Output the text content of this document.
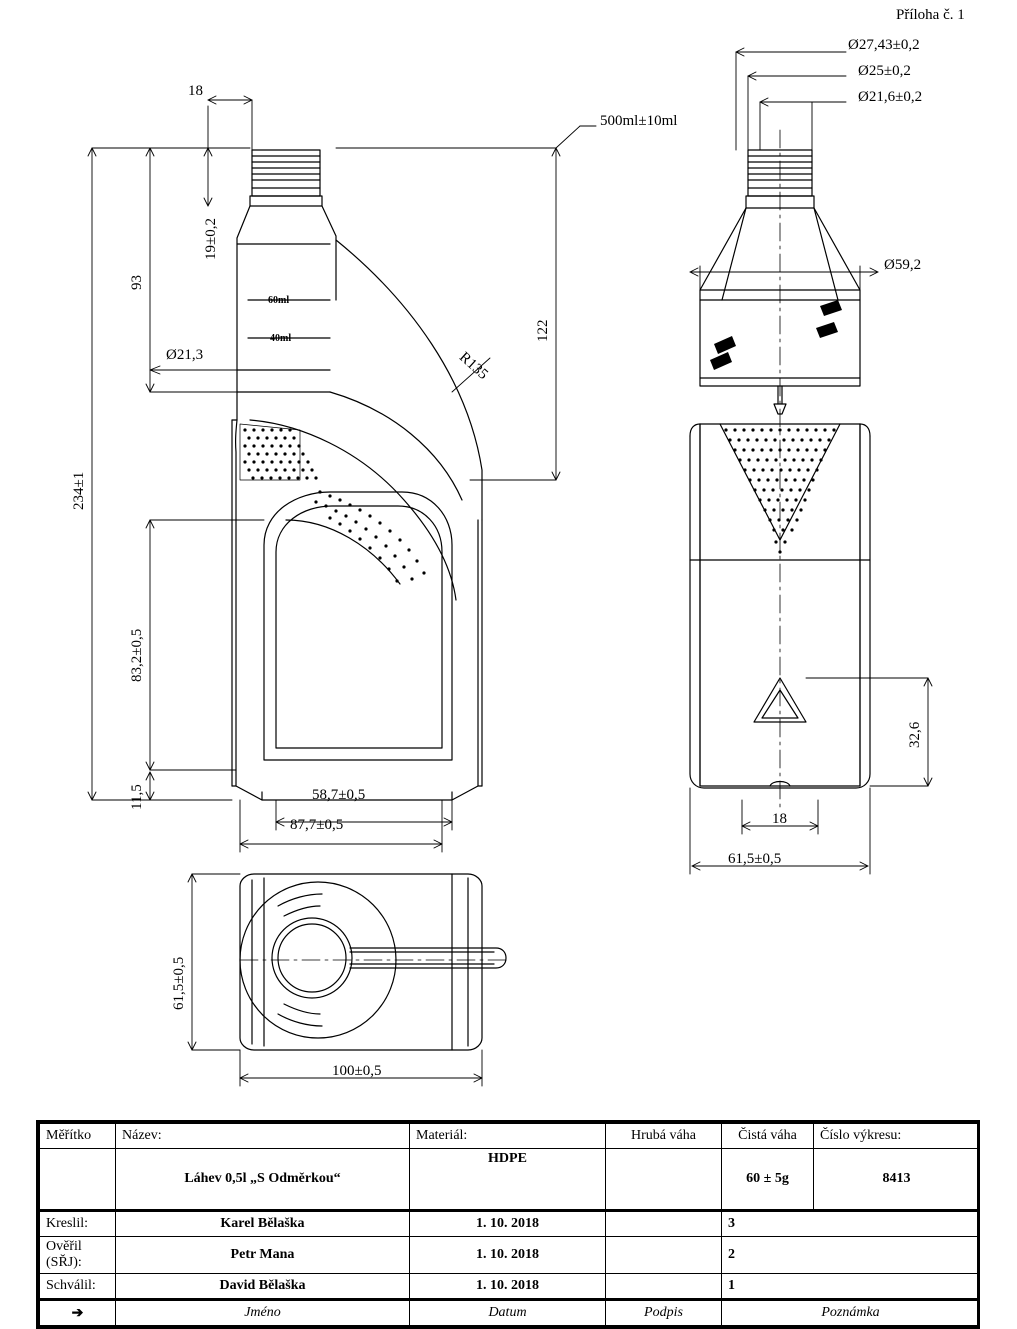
Příloha č. 1
18
93
19±0,2
234±1
Ø21,3
122
R135
83,2±0,5
11,5	58,7±0,5
87,7±0,5
500ml±10ml
60ml
40ml
Ø27,43±0,2
Ø25±0,2
Ø21,6±0,2
Ø59,2
32,6
18
61,5±0,5
61,5±0,5
100±0,5
Měřítko	Název:	Materiál:	Hrubá váha	Čistá váha	Číslo výkresu:
	Láhev 0,5l „S Odměrkou“	HDPE		60 ± 5g	8413
Kreslil:	Karel Bělaška	1. 10. 2018		3	
Ověřil (SŘJ):	Petr Mana	1. 10. 2018		2	
Schválil:	David Bělaška	1. 10. 2018		1	
➔	Jméno	Datum	Podpis	Poznámka	
